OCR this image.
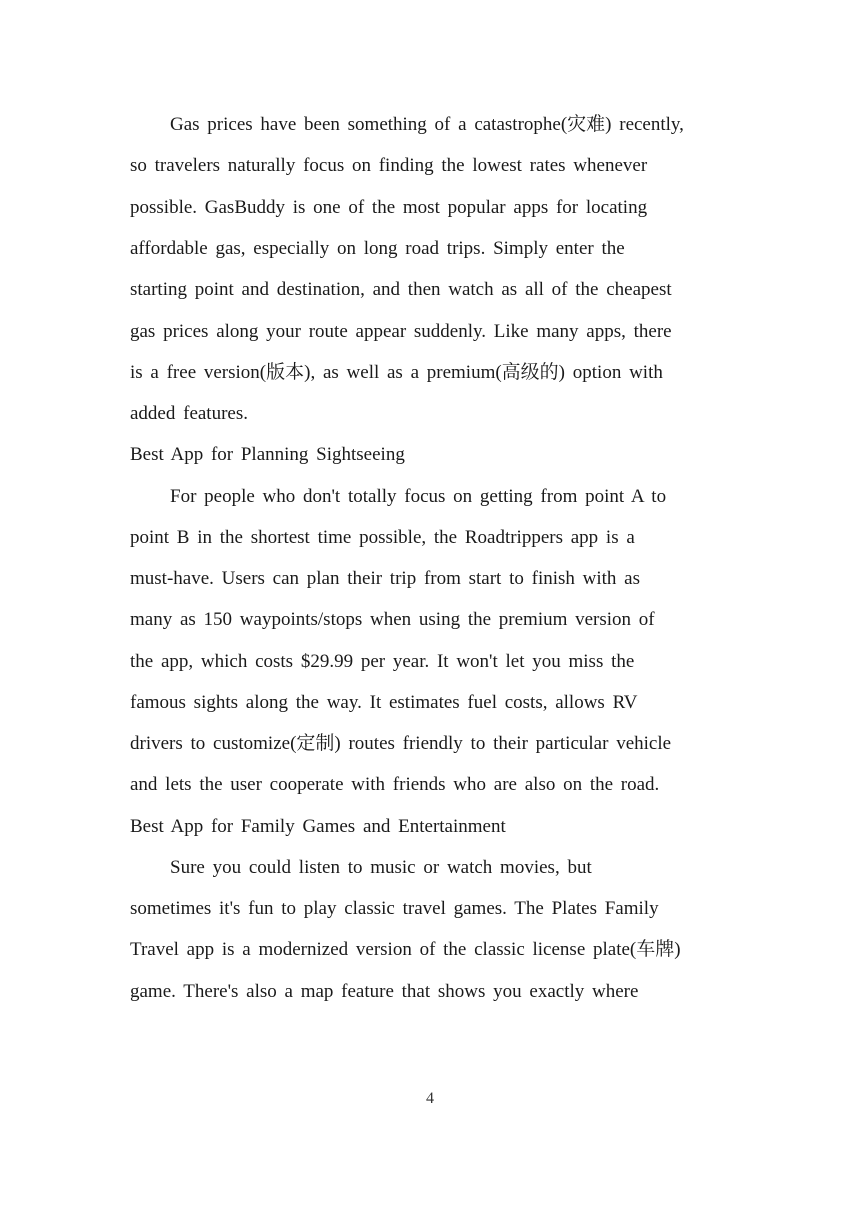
Gas prices have been something of a catastrophe(灾难) recently,
so travelers naturally focus on finding the lowest rates whenever
possible. GasBuddy is one of the most popular apps for locating
affordable gas, especially on long road trips. Simply enter the
starting point and destination, and then watch as all of the cheapest
gas prices along your route appear suddenly. Like many apps, there
is a free version(版本), as well as a premium(高级的) option with
added features.
Best App for Planning Sightseeing
For people who don't totally focus on getting from point A to
point B in the shortest time possible, the Roadtrippers app is a
must-have. Users can plan their trip from start to finish with as
many as 150 waypoints/stops when using the premium version of
the app, which costs $29.99 per year. It won't let you miss the
famous sights along the way. It estimates fuel costs, allows RV
drivers to customize(定制) routes friendly to their particular vehicle
and lets the user cooperate with friends who are also on the road.
Best App for Family Games and Entertainment
Sure you could listen to music or watch movies, but
sometimes it's fun to play classic travel games. The Plates Family
Travel app is a modernized version of the classic license plate(车牌)
game. There's also a map feature that shows you exactly where
4
